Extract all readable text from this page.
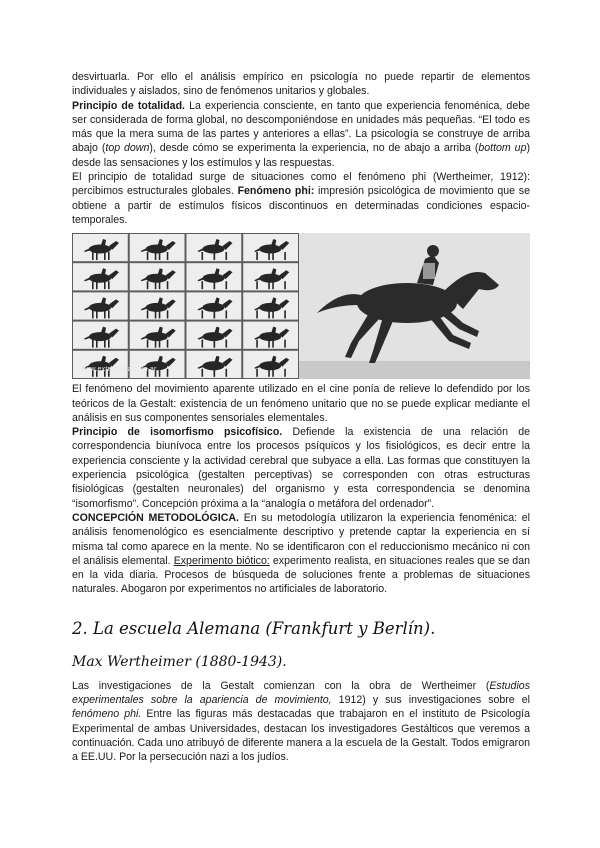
desvirtuarla. Por ello el análisis empírico en psicología no puede repartir de elementos individuales y aislados, sino de fenómenos unitarios y globales.

Principio de totalidad. La experiencia consciente, en tanto que experiencia fenoménica, debe ser considerada de forma global, no descomponiéndose en unidades más pequeñas. “El todo es más que la mera suma de las partes y anteriores a ellas”. La psicología se construye de arriba abajo (top down), desde cómo se experimenta la experiencia, no de abajo a arriba (bottom up) desde las sensaciones y los estímulos y las respuestas.

El principio de totalidad surge de situaciones como el fenómeno phi (Wertheimer, 1912): percibimos estructurales globales. Fenómeno phi: impresión psicológica de movimiento que se obtiene a partir de estímulos físicos discontinuos en determinadas condiciones espacio-temporales.

www.extremista.com.ar

El fenómeno del movimiento aparente utilizado en el cine ponía de relieve lo defendido por los teóricos de la Gestalt: existencia de un fenómeno unitario que no se puede explicar mediante el análisis en sus componentes sensoriales elementales.

Principio de isomorfismo psicofísico. Defiende la existencia de una relación de correspondencia biunívoca entre los procesos psíquicos y los fisiológicos, es decir entre la experiencia consciente y la actividad cerebral que subyace a ella. Las formas que constituyen la experiencia psicológica (gestalten perceptivas) se corresponden con otras estructuras fisiológicas (gestalten neuronales) del organismo y esta correspondencia se denomina “isomorfismo”. Concepción próxima a la “analogía o metáfora del ordenador”.

CONCEPCIÓN METODOLÓGICA. En su metodología utilizaron la experiencia fenoménica: el análisis fenomenológico es esencialmente descriptivo y pretende captar la experiencia en sí misma tal como aparece en la mente. No se identificaron con el reduccionismo mecánico ni con el análisis elemental. Experimento biótico: experimento realista, en situaciones reales que se dan en la vida diaria. Procesos de búsqueda de soluciones frente a problemas de situaciones naturales. Abogaron por experimentos no artificiales de laboratorio.

2. La escuela Alemana (Frankfurt y Berlín).
Max Wertheimer (1880-1943).

Las investigaciones de la Gestalt comienzan con la obra de Wertheimer (Estudios experimentales sobre la apariencia de movimiento, 1912) y sus investigaciones sobre el fenómeno phi. Entre las figuras más destacadas que trabajaron en el instituto de Psicología Experimental de ambas Universidades, destacan los investigadores Gestálticos que veremos a continuación. Cada uno atribuyó de diferente manera a la escuela de la Gestalt. Todos emigraron a EE.UU. Por la persecución nazi a los judíos.
